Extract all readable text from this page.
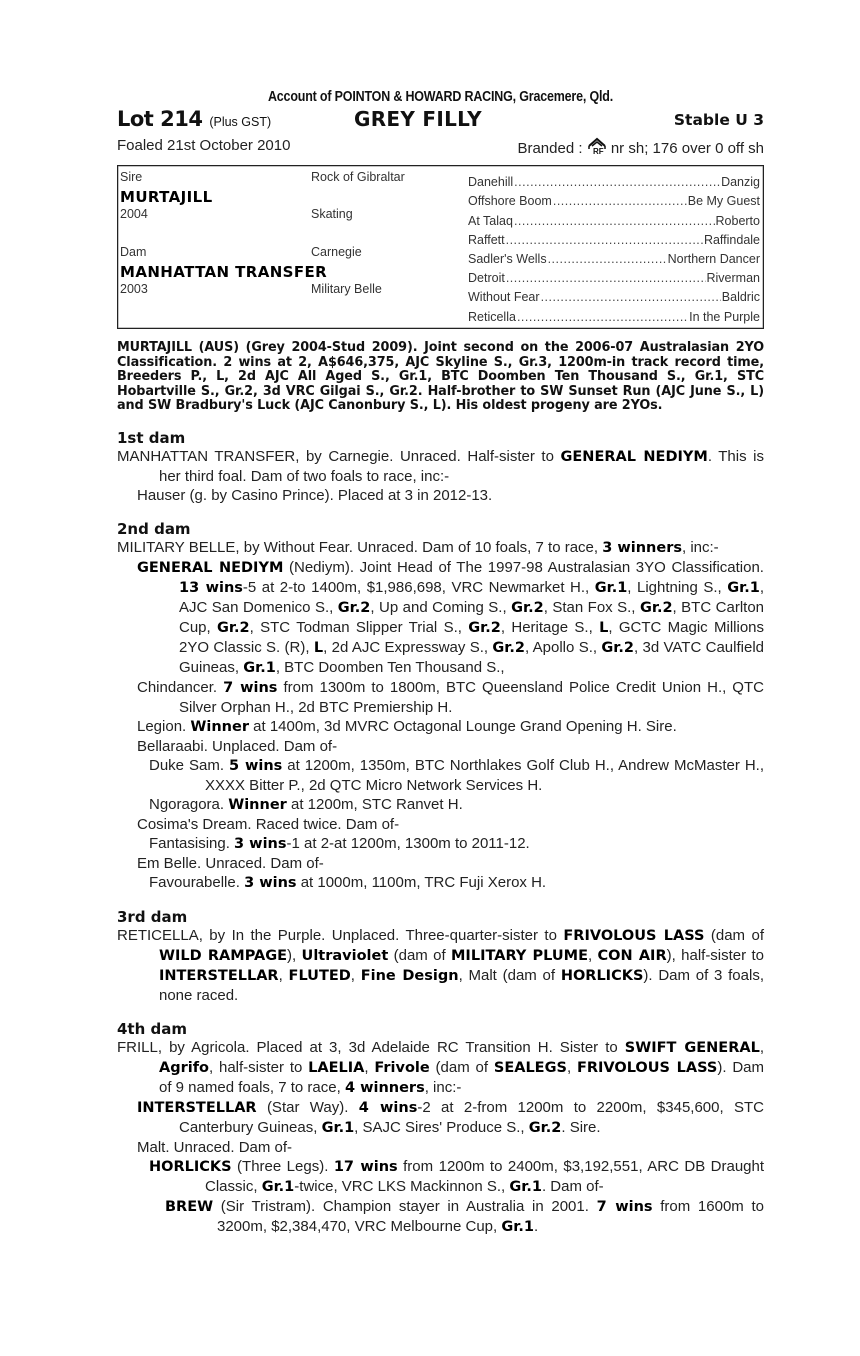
Account of POINTON & HOWARD RACING, Gracemere, Qld.
Lot 214 (Plus GST)	GREY FILLY	Stable U 3
Foaled 21st October 2010	Branded : RF nr sh; 176 over 0 off sh
Sire	Rock of Gibraltar
MURTAJILL
2004	Skating
Dam	Carnegie
MANHATTAN TRANSFER
2003	Military Belle
Danehill .....	Danzig
Offshore Boom .....	Be My Guest
At Talaq .....	Roberto
Raffett .....	Raffindale
Sadler's Wells .....	Northern Dancer
Detroit .....	Riverman
Without Fear .....	Baldric
Reticella .....	In the Purple
MURTAJILL (AUS) (Grey 2004-Stud 2009). Joint second on the 2006-07 Australasian 2YO Classification. 2 wins at 2, A$646,375, AJC Skyline S., Gr.3, 1200m-in track record time, Breeders P., L, 2d AJC All Aged S., Gr.1, BTC Doomben Ten Thousand S., Gr.1, STC Hobartville S., Gr.2, 3d VRC Gilgai S., Gr.2. Half-brother to SW Sunset Run (AJC June S., L) and SW Bradbury's Luck (AJC Canonbury S., L). His oldest progeny are 2YOs.
1st dam
MANHATTAN TRANSFER, by Carnegie. Unraced. Half-sister to GENERAL NEDIYM. This is her third foal. Dam of two foals to race, inc:-
Hauser (g. by Casino Prince). Placed at 3 in 2012-13.
2nd dam
MILITARY BELLE, by Without Fear. Unraced. Dam of 10 foals, 7 to race, 3 winners, inc:-
GENERAL NEDIYM (Nediym). Joint Head of The 1997-98 Australasian 3YO Classification. 13 wins-5 at 2-to 1400m, $1,986,698, VRC Newmarket H., Gr.1, Lightning S., Gr.1, AJC San Domenico S., Gr.2, Up and Coming S., Gr.2, Stan Fox S., Gr.2, BTC Carlton Cup, Gr.2, STC Todman Slipper Trial S., Gr.2, Heritage S., L, GCTC Magic Millions 2YO Classic S. (R), L, 2d AJC Expressway S., Gr.2, Apollo S., Gr.2, 3d VATC Caulfield Guineas, Gr.1, BTC Doomben Ten Thousand S.,
Chindancer. 7 wins from 1300m to 1800m, BTC Queensland Police Credit Union H., QTC Silver Orphan H., 2d BTC Premiership H.
Legion. Winner at 1400m, 3d MVRC Octagonal Lounge Grand Opening H. Sire.
Bellaraabi. Unplaced. Dam of-
Duke Sam. 5 wins at 1200m, 1350m, BTC Northlakes Golf Club H., Andrew McMaster H., XXXX Bitter P., 2d QTC Micro Network Services H.
Ngoragora. Winner at 1200m, STC Ranvet H.
Cosima's Dream. Raced twice. Dam of-
Fantasising. 3 wins-1 at 2-at 1200m, 1300m to 2011-12.
Em Belle. Unraced. Dam of-
Favourabelle. 3 wins at 1000m, 1100m, TRC Fuji Xerox H.
3rd dam
RETICELLA, by In the Purple. Unplaced. Three-quarter-sister to FRIVOLOUS LASS (dam of WILD RAMPAGE), Ultraviolet (dam of MILITARY PLUME, CON AIR), half-sister to INTERSTELLAR, FLUTED, Fine Design, Malt (dam of HORLICKS). Dam of 3 foals, none raced.
4th dam
FRILL, by Agricola. Placed at 3, 3d Adelaide RC Transition H. Sister to SWIFT GENERAL, Agrifo, half-sister to LAELIA, Frivole (dam of SEALEGS, FRIVOLOUS LASS). Dam of 9 named foals, 7 to race, 4 winners, inc:-
INTERSTELLAR (Star Way). 4 wins-2 at 2-from 1200m to 2200m, $345,600, STC Canterbury Guineas, Gr.1, SAJC Sires' Produce S., Gr.2. Sire.
Malt. Unraced. Dam of-
HORLICKS (Three Legs). 17 wins from 1200m to 2400m, $3,192,551, ARC DB Draught Classic, Gr.1-twice, VRC LKS Mackinnon S., Gr.1. Dam of-
BREW (Sir Tristram). Champion stayer in Australia in 2001. 7 wins from 1600m to 3200m, $2,384,470, VRC Melbourne Cup, Gr.1.
